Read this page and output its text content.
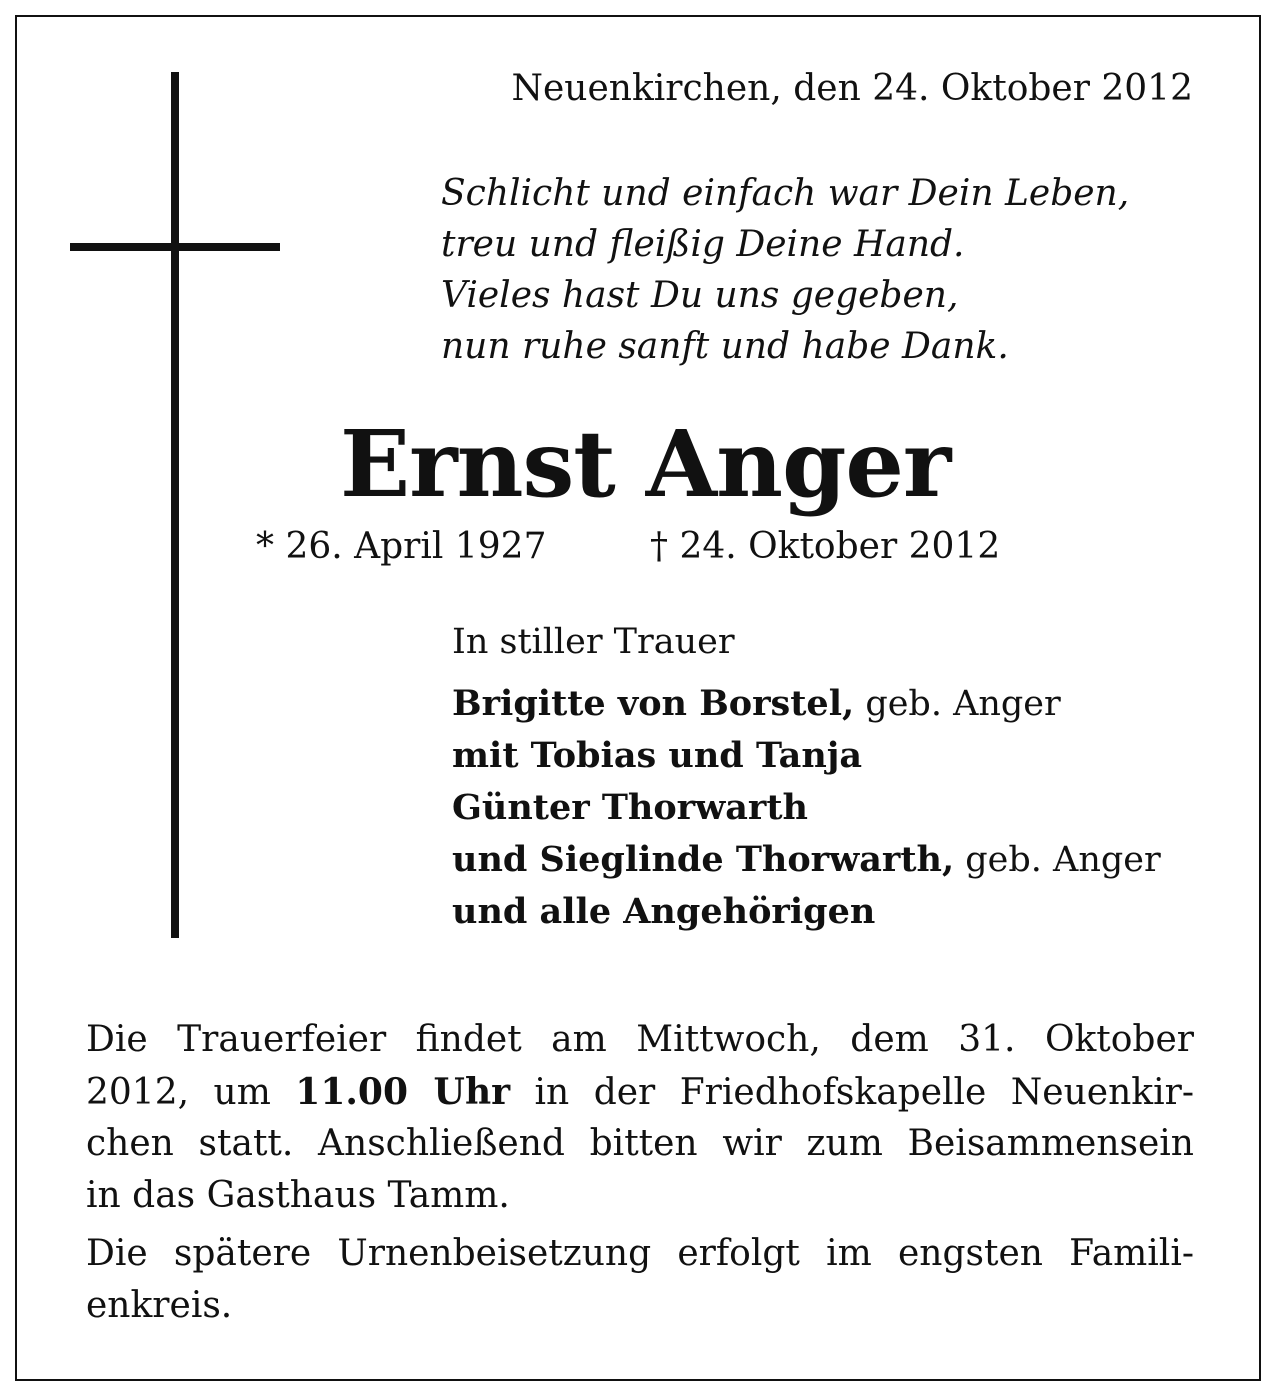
Neuenkirchen, den 24. Oktober 2012
Schlicht und einfach war Dein Leben,
treu und fleißig Deine Hand.
Vieles hast Du uns gegeben,
nun ruhe sanft und habe Dank.
Ernst Anger
* 26. April 1927	† 24. Oktober 2012
In stiller Trauer
Brigitte von Borstel, geb. Anger
mit Tobias und Tanja
Günter Thorwarth
und Sieglinde Thorwarth, geb. Anger
und alle Angehörigen
Die Trauerfeier findet am Mittwoch, dem 31. Oktober
2012, um 11.00 Uhr in der Friedhofskapelle Neuenkir-
chen statt. Anschließend bitten wir zum Beisammensein
in das Gasthaus Tamm.
Die spätere Urnenbeisetzung erfolgt im engsten Famili-
enkreis.
